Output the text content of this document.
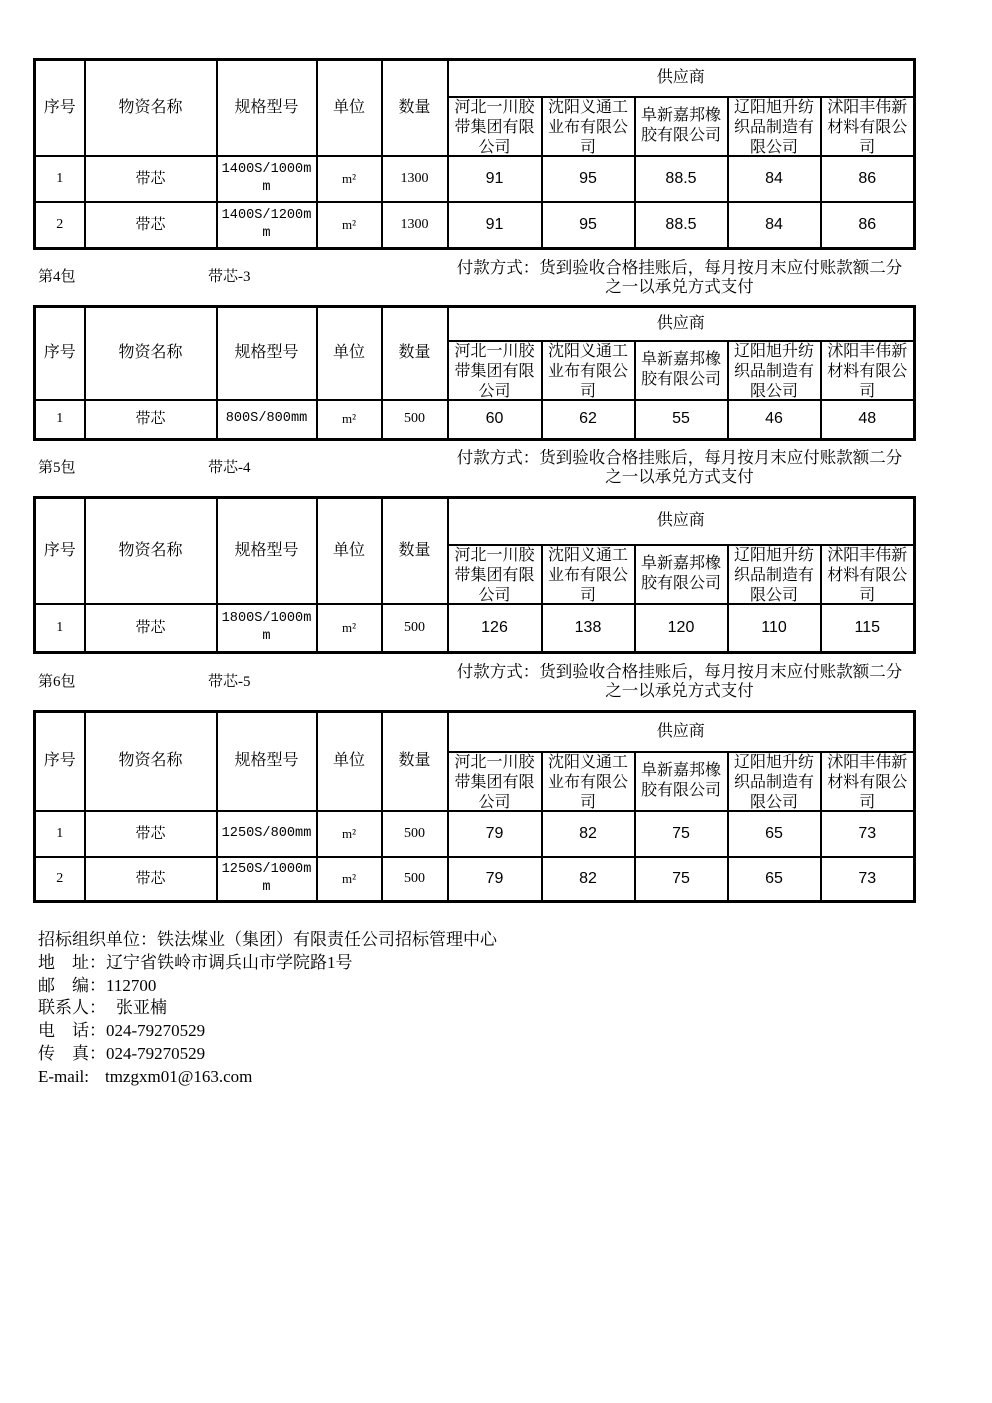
序号	物资名称	规格型号	单位	数量	供应商				

					河北一川胶带集团有限公司	沈阳义通工业布有限公司	阜新嘉邦橡胶有限公司	辽阳旭升纺织品制造有限公司	沭阳丰伟新材料有限公司

1	带芯	1400S/1000mm	m²	1300	91	95	88.5	84	86
2	带芯	1400S/1200mm	m²	1300	91	95	88.5	84	86
第4包	带芯-3	付款方式：货到验收合格挂账后，每月按月末应付账款额二分之一以承兑方式支付
序号	物资名称	规格型号	单位	数量	供应商				

					河北一川胶带集团有限公司	沈阳义通工业布有限公司	阜新嘉邦橡胶有限公司	辽阳旭升纺织品制造有限公司	沭阳丰伟新材料有限公司

1	带芯	800S/800mm	m²	500	60	62	55	46	48
第5包	带芯-4
付款方式：货到验收合格挂账后，每月按月末应付账款额二分之一以承兑方式支付
序号	物资名称	规格型号	单位	数量	供应商				

					河北一川胶带集团有限公司	沈阳义通工业布有限公司	阜新嘉邦橡胶有限公司	辽阳旭升纺织品制造有限公司	沭阳丰伟新材料有限公司

1	带芯	1800S/1000mm	m²	500	126	138	120	110	115
第6包	带芯-5
付款方式：货到验收合格挂账后，每月按月末应付账款额二分之一以承兑方式支付
序号	物资名称	规格型号	单位	数量	供应商				

					河北一川胶带集团有限公司	沈阳义通工业布有限公司	阜新嘉邦橡胶有限公司	辽阳旭升纺织品制造有限公司	沭阳丰伟新材料有限公司

1	带芯	1250S/800mm	m²	500	79	82	75	65	73
2	带芯	1250S/1000mm	m²	500	79	82	75	65	73
招标组织单位：铁法煤业（集团）有限责任公司招标管理中心
地　址：辽宁省铁岭市调兵山市学院路1号
邮　编：112700
联系人： 张亚楠
电　话：024-79270529
传　真：024-79270529
E-mail: tmzgxm01@163.com
